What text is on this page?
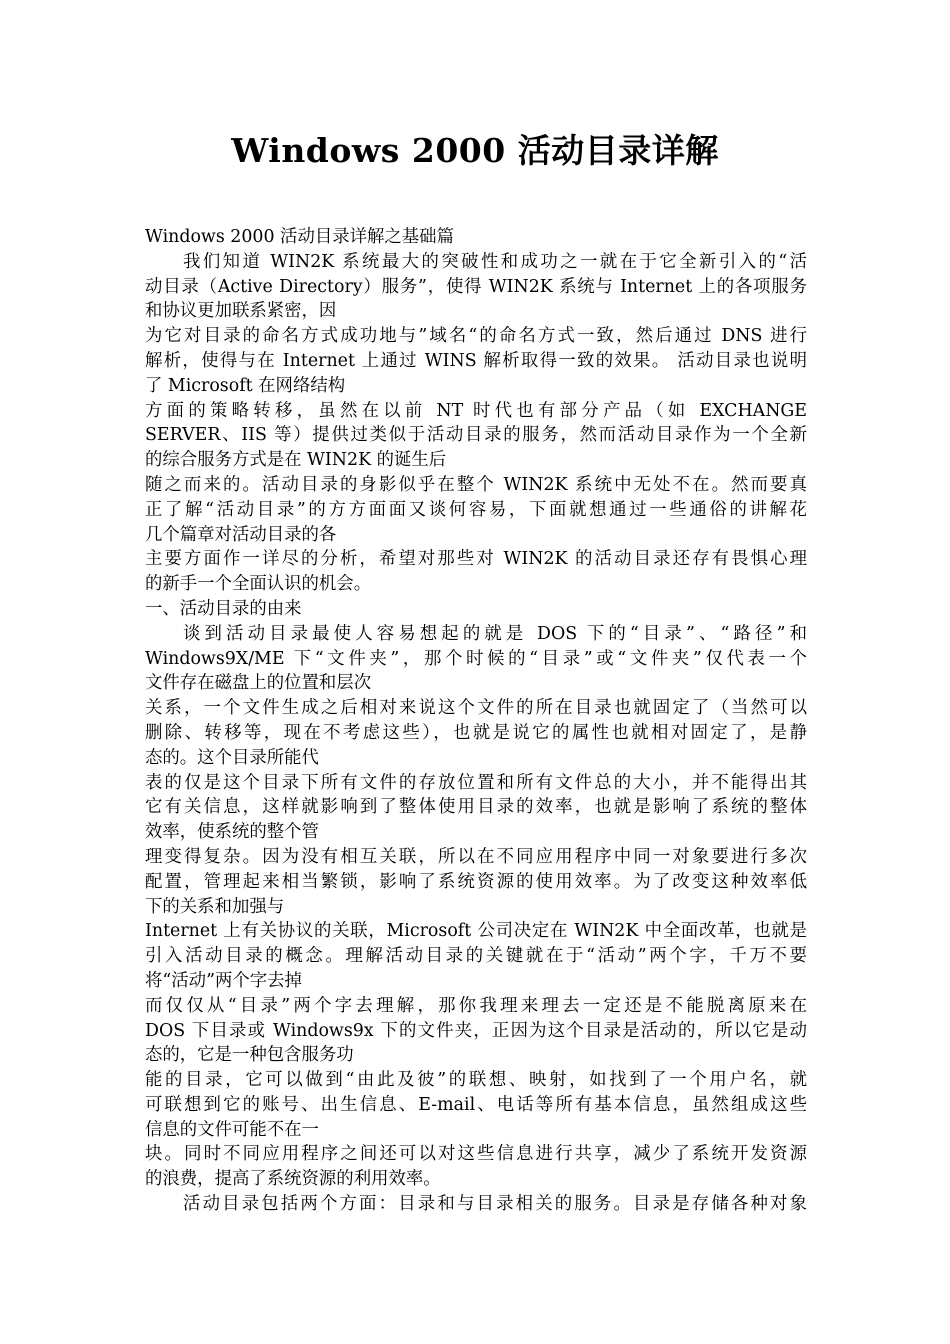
Windows 2000 活动目录详解
Windows 2000 活动目录详解之基础篇
我们知道 WIN2K 系统最大的突破性和成功之一就在于它全新引入的“活
动目录（Active Directory）服务”，使得 WIN2K 系统与 Internet 上的各项服务
和协议更加联系紧密，因
为它对目录的命名方式成功地与”域名“的命名方式一致，然后通过 DNS 进行
解析，使得与在 Internet 上通过 WINS 解析取得一致的效果。 活动目录也说明
了 Microsoft 在网络结构
方面的策略转移，虽然在以前 NT 时代也有部分产品（如 EXCHANGE
SERVER、IIS 等）提供过类似于活动目录的服务，然而活动目录作为一个全新
的综合服务方式是在 WIN2K 的诞生后
随之而来的。活动目录的身影似乎在整个 WIN2K 系统中无处不在。然而要真
正了解“活动目录”的方方面面又谈何容易，下面就想通过一些通俗的讲解花
几个篇章对活动目录的各
主要方面作一详尽的分析，希望对那些对 WIN2K 的活动目录还存有畏惧心理
的新手一个全面认识的机会。
一、活动目录的由来
谈到活动目录最使人容易想起的就是 DOS 下的“目录”、“路径”和
Windows9X/ME 下“文件夹”，那个时候的“目录”或“文件夹”仅代表一个
文件存在磁盘上的位置和层次
关系，一个文件生成之后相对来说这个文件的所在目录也就固定了（当然可以
删除、转移等，现在不考虑这些），也就是说它的属性也就相对固定了，是静
态的。这个目录所能代
表的仅是这个目录下所有文件的存放位置和所有文件总的大小，并不能得出其
它有关信息，这样就影响到了整体使用目录的效率，也就是影响了系统的整体
效率，使系统的整个管
理变得复杂。因为没有相互关联，所以在不同应用程序中同一对象要进行多次
配置，管理起来相当繁锁，影响了系统资源的使用效率。为了改变这种效率低
下的关系和加强与
Internet 上有关协议的关联，Microsoft 公司决定在 WIN2K 中全面改革，也就是
引入活动目录的概念。理解活动目录的关键就在于“活动”两个字，千万不要
将“活动”两个字去掉
而仅仅从“目录”两个字去理解，那你我理来理去一定还是不能脱离原来在
DOS 下目录或 Windows9x 下的文件夹，正因为这个目录是活动的，所以它是动
态的，它是一种包含服务功
能的目录，它可以做到“由此及彼”的联想、映射，如找到了一个用户名，就
可联想到它的账号、出生信息、E-mail、电话等所有基本信息，虽然组成这些
信息的文件可能不在一
块。同时不同应用程序之间还可以对这些信息进行共享，减少了系统开发资源
的浪费，提高了系统资源的利用效率。
活动目录包括两个方面：目录和与目录相关的服务。目录是存储各种对象
